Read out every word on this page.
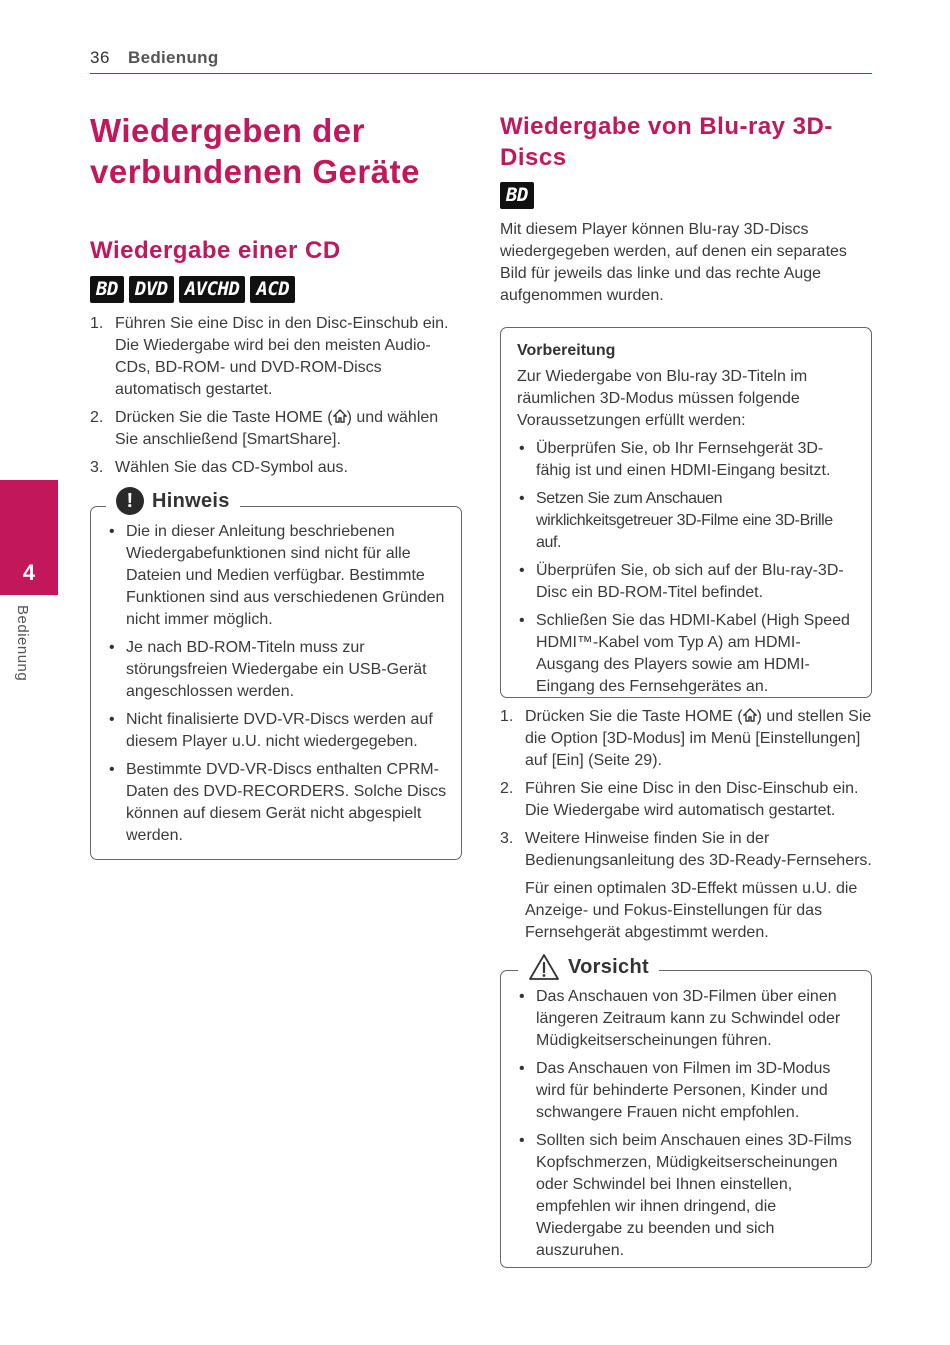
36 Bedienung
4
Bedienung
Wiedergeben der verbundenen Geräte
Wiedergabe einer CD
BD DVD AVCHD ACD
1. Führen Sie eine Disc in den Disc-Einschub ein. Die Wiedergabe wird bei den meisten Audio-CDs, BD-ROM- und DVD-ROM-Discs automatisch gestartet.
2. Drücken Sie die Taste HOME ( ) und wählen Sie anschließend [SmartShare].
3. Wählen Sie das CD-Symbol aus.
! Hinweis
• Die in dieser Anleitung beschriebenen Wiedergabefunktionen sind nicht für alle Dateien und Medien verfügbar. Bestimmte Funktionen sind aus verschiedenen Gründen nicht immer möglich.
• Je nach BD-ROM-Titeln muss zur störungsfreien Wiedergabe ein USB-Gerät angeschlossen werden.
• Nicht finalisierte DVD-VR-Discs werden auf diesem Player u.U. nicht wiedergegeben.
• Bestimmte DVD-VR-Discs enthalten CPRM-Daten des DVD-RECORDERS. Solche Discs können auf diesem Gerät nicht abgespielt werden.
Wiedergabe von Blu-ray 3D-Discs
BD
Mit diesem Player können Blu-ray 3D-Discs wiedergegeben werden, auf denen ein separates Bild für jeweils das linke und das rechte Auge aufgenommen wurden.
Vorbereitung
Zur Wiedergabe von Blu-ray 3D-Titeln im räumlichen 3D-Modus müssen folgende Voraussetzungen erfüllt werden:
• Überprüfen Sie, ob Ihr Fernsehgerät 3D-fähig ist und einen HDMI-Eingang besitzt.
• Setzen Sie zum Anschauen wirklichkeitsgetreuer 3D-Filme eine 3D-Brille auf.
• Überprüfen Sie, ob sich auf der Blu-ray-3D-Disc ein BD-ROM-Titel befindet.
• Schließen Sie das HDMI-Kabel (High Speed HDMI™-Kabel vom Typ A) am HDMI-Ausgang des Players sowie am HDMI-Eingang des Fernsehgerätes an.
1. Drücken Sie die Taste HOME ( ) und stellen Sie die Option [3D-Modus] im Menü [Einstellungen] auf [Ein] (Seite 29).
2. Führen Sie eine Disc in den Disc-Einschub ein. Die Wiedergabe wird automatisch gestartet.
3. Weitere Hinweise finden Sie in der Bedienungsanleitung des 3D-Ready-Fernsehers.
Für einen optimalen 3D-Effekt müssen u.U. die Anzeige- und Fokus-Einstellungen für das Fernsehgerät abgestimmt werden.
Vorsicht
• Das Anschauen von 3D-Filmen über einen längeren Zeitraum kann zu Schwindel oder Müdigkeitserscheinungen führen.
• Das Anschauen von Filmen im 3D-Modus wird für behinderte Personen, Kinder und schwangere Frauen nicht empfohlen.
• Sollten sich beim Anschauen eines 3D-Films Kopfschmerzen, Müdigkeitserscheinungen oder Schwindel bei Ihnen einstellen, empfehlen wir ihnen dringend, die Wiedergabe zu beenden und sich auszuruhen.
